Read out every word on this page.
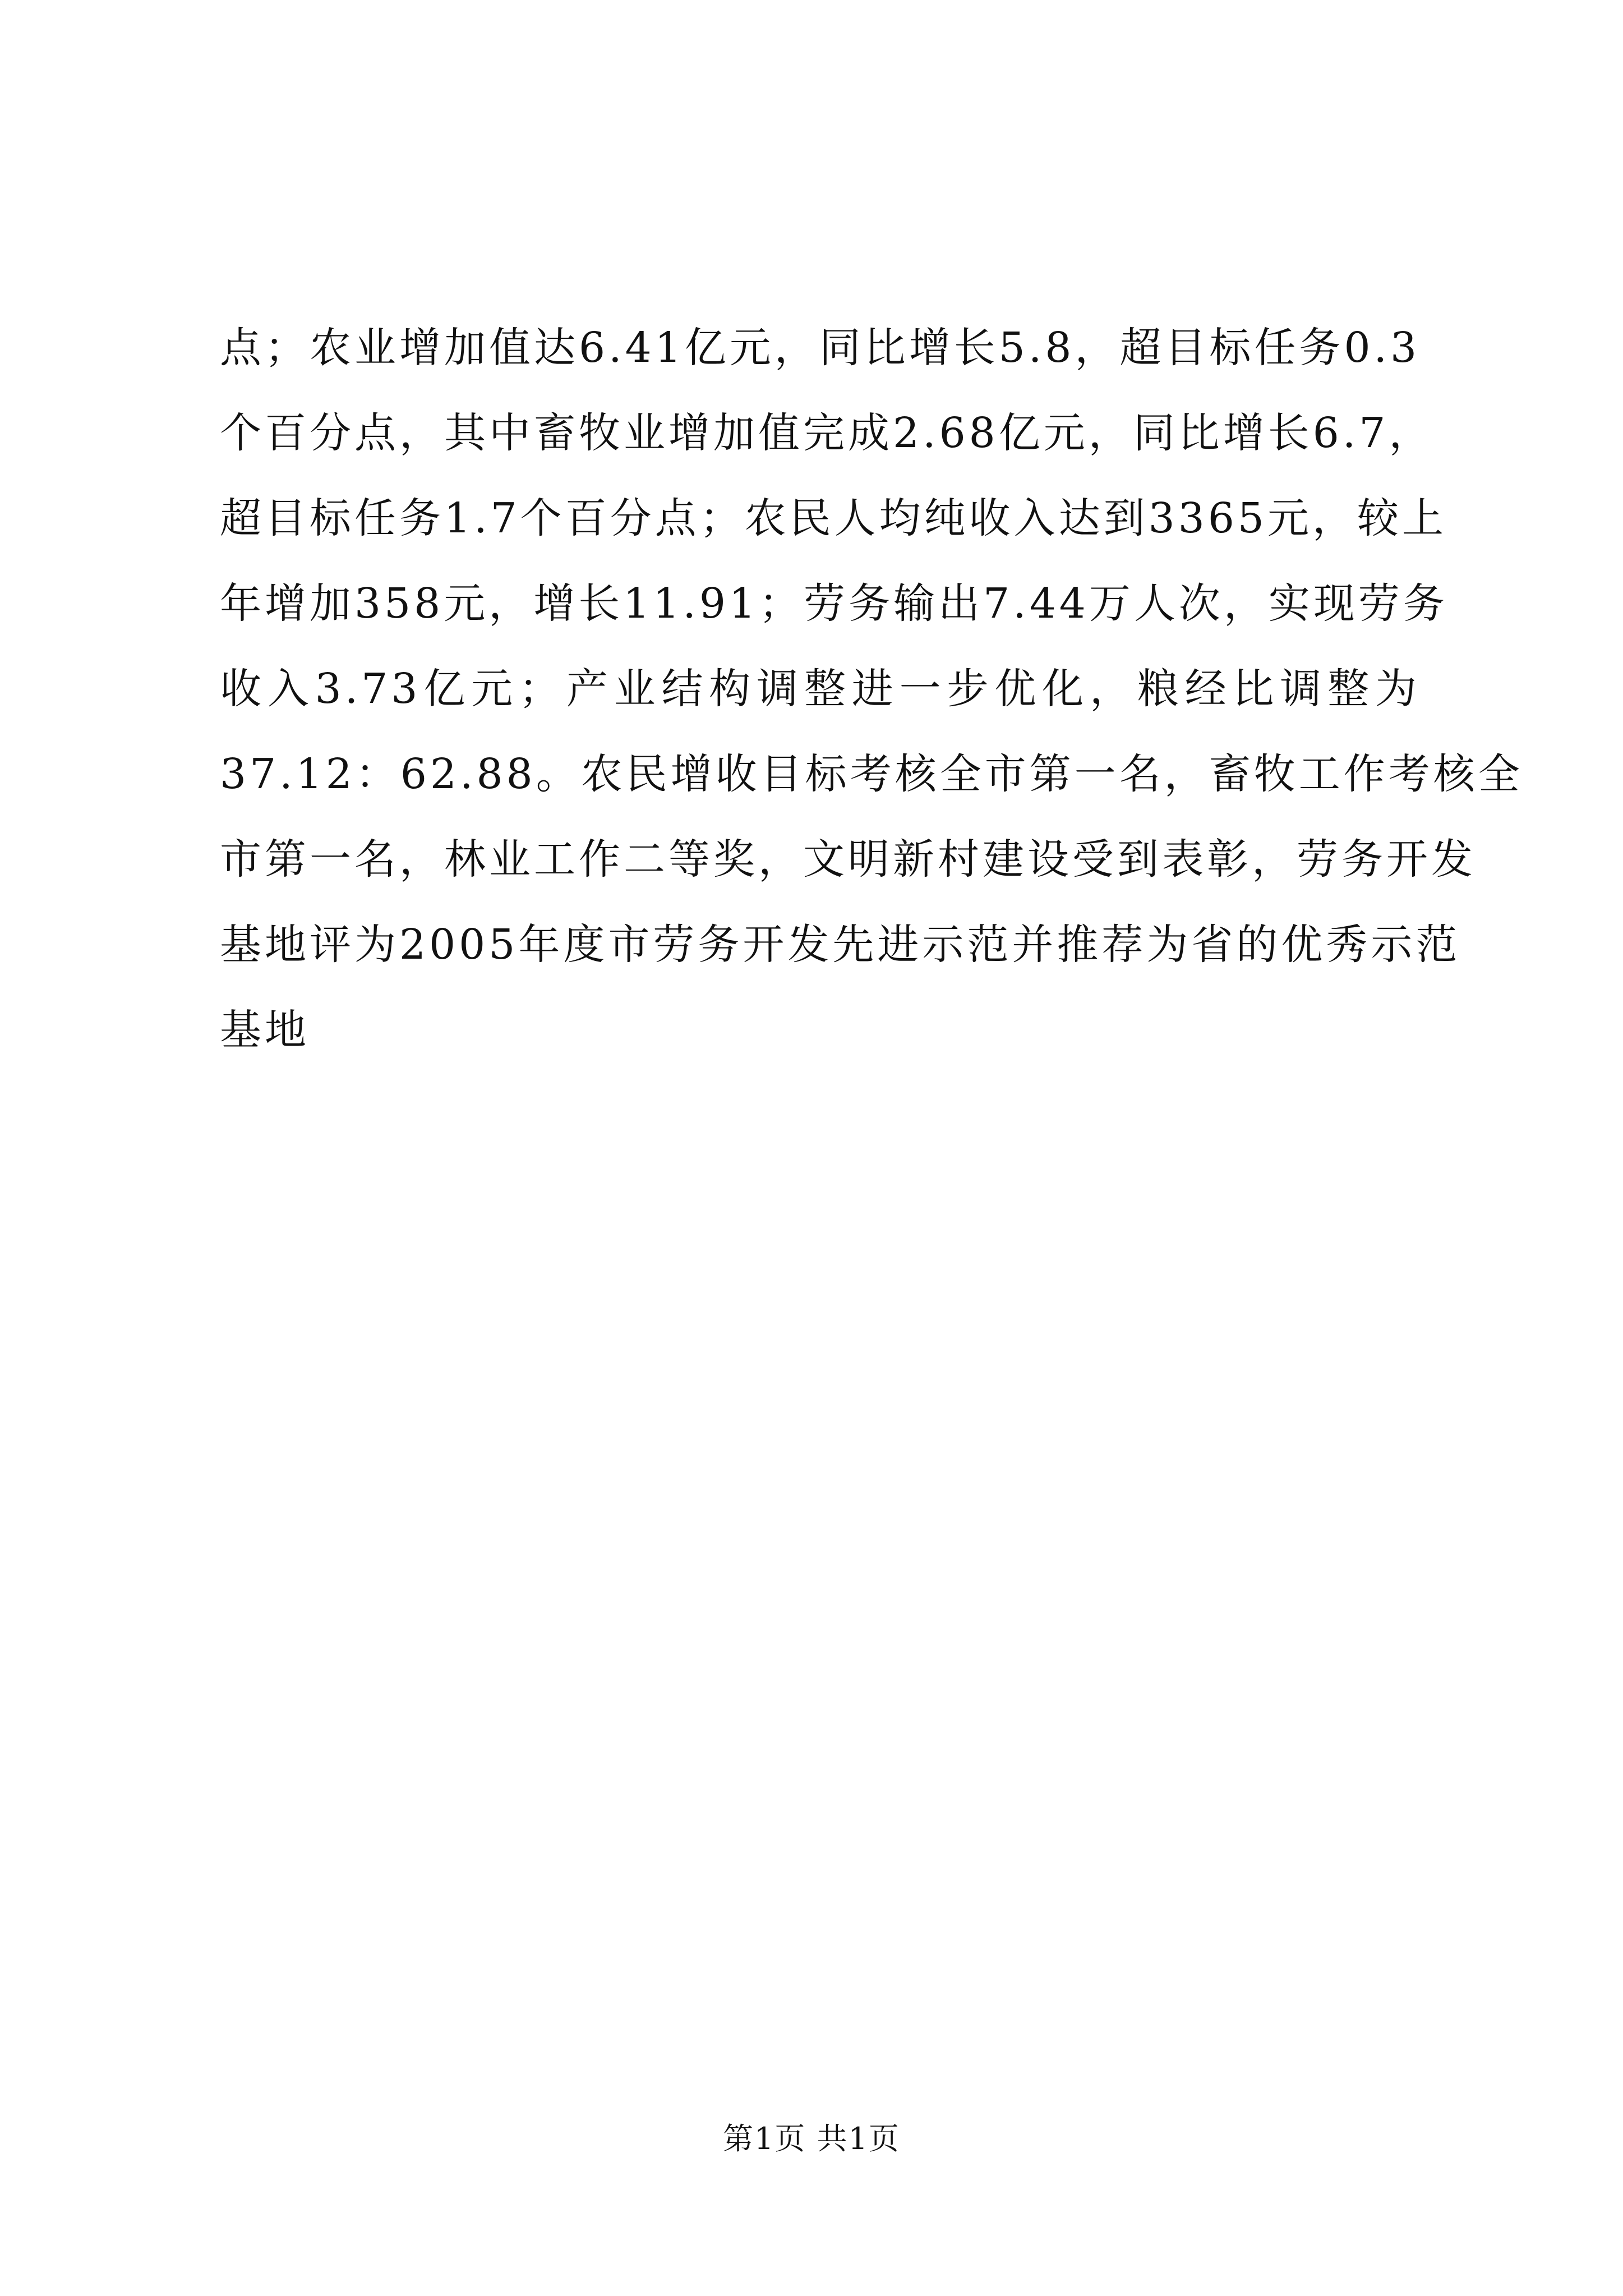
点；农业增加值达6.41亿元，同比增长5.8，超目标任务0.3
个百分点，其中畜牧业增加值完成2.68亿元，同比增长6.7，
超目标任务1.7个百分点；农民人均纯收入达到3365元，较上
年增加358元，增长11.91；劳务输出7.44万人次，实现劳务
收入3.73亿元；产业结构调整进一步优化，粮经比调整为
37.12：62.88。农民增收目标考核全市第一名，畜牧工作考核全
市第一名，林业工作二等奖，文明新村建设受到表彰，劳务开发
基地评为2005年度市劳务开发先进示范并推荐为省的优秀示范
基地
第1页 共1页
